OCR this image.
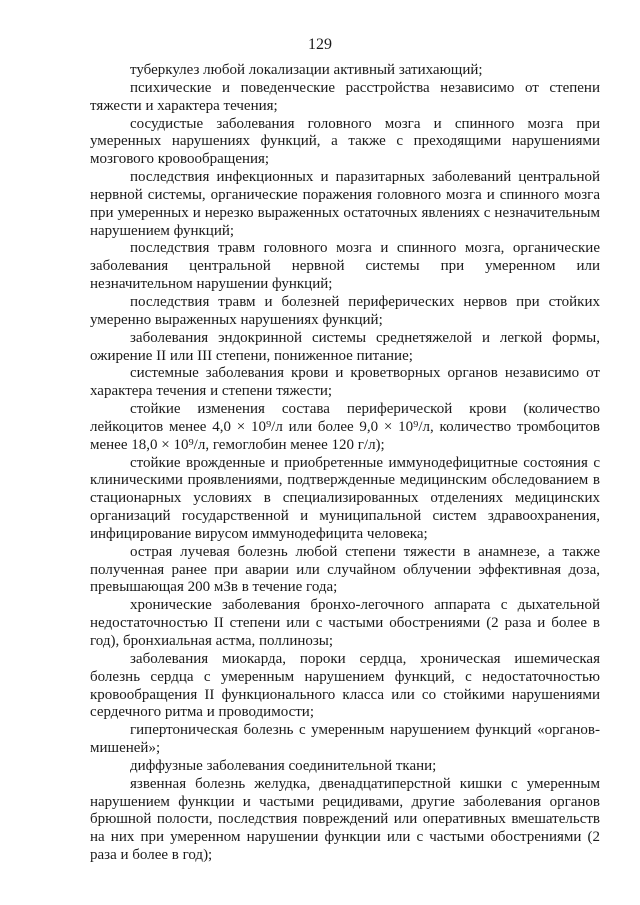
129

туберкулез любой локализации активный затихающий;

психические и поведенческие расстройства независимо от степени тяжести и характера течения;

сосудистые заболевания головного мозга и спинного мозга при умеренных нарушениях функций, а также с преходящими нарушениями мозгового кровообращения;

последствия инфекционных и паразитарных заболеваний центральной нервной системы, органические поражения головного мозга и спинного мозга при умеренных и нерезко выраженных остаточных явлениях с незначительным нарушением функций;

последствия травм головного мозга и спинного мозга, органические заболевания центральной нервной системы при умеренном или незначительном нарушении функций;

последствия травм и болезней периферических нервов при стойких умеренно выраженных нарушениях функций;

заболевания эндокринной системы среднетяжелой и легкой формы, ожирение II или III степени, пониженное питание;

системные заболевания крови и кроветворных органов независимо от характера течения и степени тяжести;

стойкие изменения состава периферической крови (количество лейкоцитов менее 4,0 × 10⁹/л или более 9,0 × 10⁹/л, количество тромбоцитов менее 18,0 × 10⁹/л, гемоглобин менее 120 г/л);

стойкие врожденные и приобретенные иммунодефицитные состояния с клиническими проявлениями, подтвержденные медицинским обследованием в стационарных условиях в специализированных отделениях медицинских организаций государственной и муниципальной систем здравоохранения, инфицирование вирусом иммунодефицита человека;

острая лучевая болезнь любой степени тяжести в анамнезе, а также полученная ранее при аварии или случайном облучении эффективная доза, превышающая 200 мЗв в течение года;

хронические заболевания бронхо-легочного аппарата с дыхательной недостаточностью II степени или с частыми обострениями (2 раза и более в год), бронхиальная астма, поллинозы;

заболевания миокарда, пороки сердца, хроническая ишемическая болезнь сердца с умеренным нарушением функций, с недостаточностью кровообращения II функционального класса или со стойкими нарушениями сердечного ритма и проводимости;

гипертоническая болезнь с умеренным нарушением функций «органов-мишеней»;

диффузные заболевания соединительной ткани;

язвенная болезнь желудка, двенадцатиперстной кишки с умеренным нарушением функции и частыми рецидивами, другие заболевания органов брюшной полости, последствия повреждений или оперативных вмешательств на них при умеренном нарушении функции или с частыми обострениями (2 раза и более в год);
